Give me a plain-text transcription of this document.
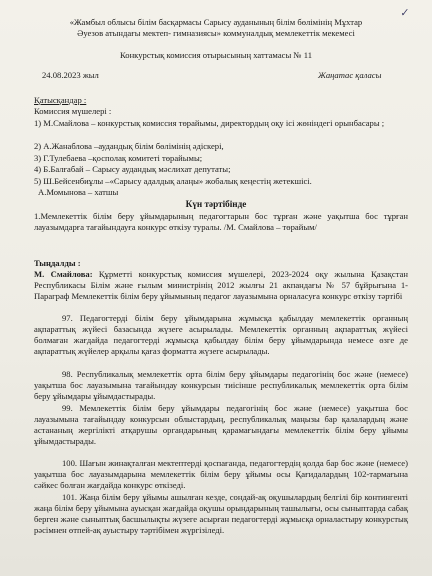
«Жамбыл облысы білім басқармасы Сарысу ауданының білім бөлімінің Мұхтар
Әуезов атындағы мектеп- гимназиясы» коммуналдық мемлекеттік мекемесі
Конкурстық комиссия отырысының хаттамасы № 11
24.08.2023 жыл	Жаңатас қаласы
Қатысқандар :
Комиссия мүшелері :
1) М.Смайлова – конкурстық комиссия төрайымы, директордың оқу ісі жөніндегі орынбасары ;
2) А.Жанаблова –аудандық білім бөлімінің әдіскері,
3) Г.Тулебаева –қосполақ комитеті төрайымы;
4) Б.Балғабай – Сарысу аудандық мәслихат депутаты;
5) Ш.Бейсенбиұлы –«Сарысу адалдық алаңы» жобалық кеңестің жетекшісі.
А.Момынова – хатшы
Күн тәртібінде
1.Мемлекеттік білім беру ұйымдарының педагогтарын бос тұрған және уақытша бос тұрған лауазымдарға тағайындауға конкурс өткізу туралы. /М. Смайлова – төрайым/
Тыңдалды :
М. Смайлова: Құрметті конкурстық комиссия мүшелері, 2023-2024 оқу жылына Қазақстан Республикасы Білім және ғылым министрінің 2012 жылғы 21 акпандағы № 57 бұйрығына 1-Параграф Мемлекеттік білім беру ұйымының педагог лауазымына орналасуға конкурс өткізу тәртібі
97. Педагогтерді білім беру ұйымдарына жұмысқа қабылдау мемлекеттік органның ақпараттық жүйесі базасында жүзеге асырылады. Мемлекеттік органның ақпараттық жүйесі болмаған жағдайда педагогтерді жұмысқа қабылдау білім беру ұйымдарында немесе өзге де ақпараттық жүйелер арқылы қағаз форматта жүзеге асырылады.
98. Республикалық мемлекеттік орта білім беру ұйымдары педагогінің бос және (немесе) уақытша бос лауазымына тағайындау конкурсын тиісінше республикалық мемлекеттік орта білім беру ұйымдары ұйымдастырады.
99. Мемлекеттік білім беру ұйымдары педагогінің бос және (немесе) уақытша бос лауазымына тағайындау конкурсын облыстардың, республикалық маңызы бар қалалардың және астананың жергілікті атқарушы органдарының қарамағындағы мемлекеттік білім беру ұйымы ұйымдастырады.
100. Шағын жинақталған мектептерді қоспағанда, педагогтердің қолда бар бос және (немесе) уақытша бос лауазымдарына мемлекеттік білім беру ұйымы осы Қағидалардың 102-тармағына сәйкес болған жағдайда конкурс өткізеді.
101. Жаңа білім беру ұйымы ашылған кезде, сондай-ақ оқушылардың белгілі бір контингенті жаңа білім беру ұйымына ауысқан жағдайда оқушы орындарының ташылығы, осы сыныптарда сабақ берген және сыныптық басшылықты жүзеге асырған педагогтерді жұмысқа орналастыру конкурстық рәсімнен өтпей-ақ ауыстыру тәртібімен жүргізіледі.
✓
